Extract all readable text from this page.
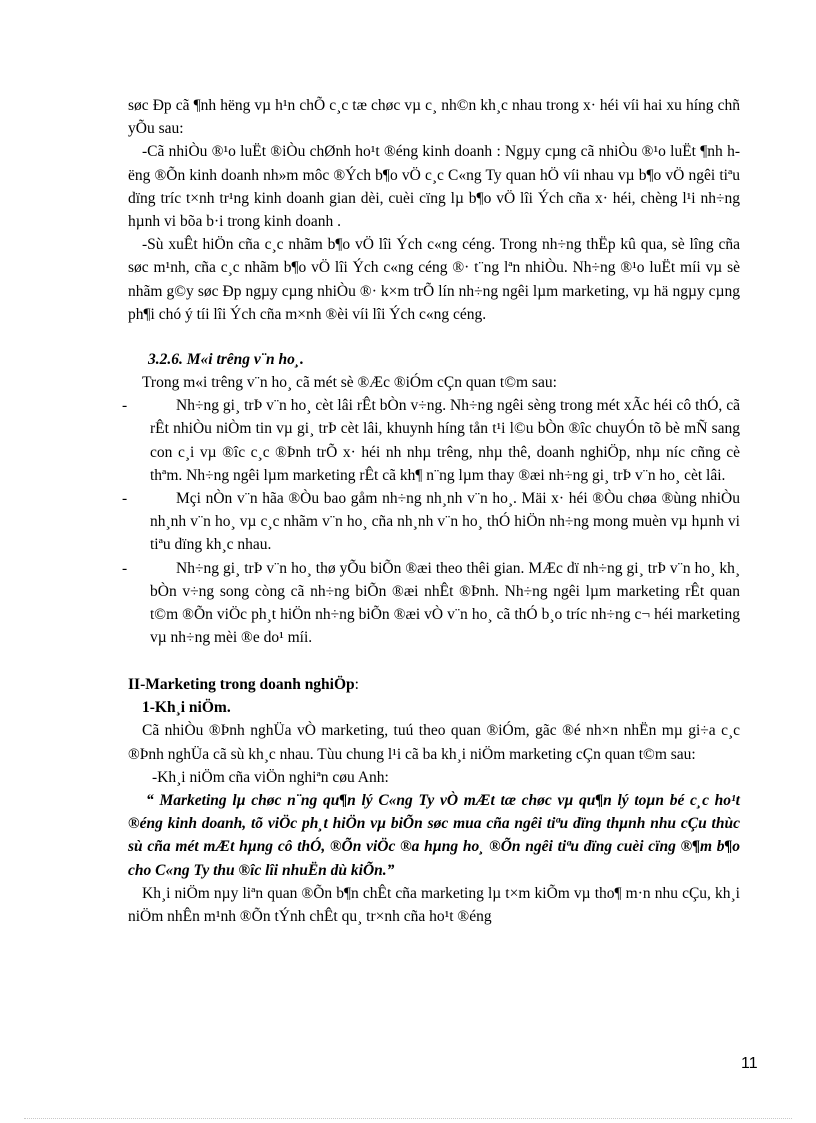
søc Ðp cã ¶nh hëng vµ h¹n chÕ c¸c tæ chøc vµ c¸ nh©n kh¸c nhau trong x· héi víi hai xu híng chñ yÕu sau:

-Cã nhiÒu ®¹o luËt ®iÒu chØnh ho¹t ®éng kinh doanh : Ngµy cµng cã nhiÒu ®¹o luËt ¶nh hëng ®Õn kinh doanh nh»m môc ®Ých b¶o vÖ c¸c C«ng Ty quan hÖ víi nhau vµ b¶o vÖ ngêi tiªu dïng tríc t×nh tr¹ng kinh doanh gian dèi, cuèi cïng lµ b¶o vÖ lîi Ých cña x· héi, chèng l¹i nh÷ng hµnh vi bõa b·i trong kinh doanh .

-Sù xuÊt hiÖn cña c¸c nhãm b¶o vÖ lîi Ých c«ng céng. Trong nh÷ng thËp kû qua, sè lîng cña søc m¹nh, cña c¸c nhãm b¶o vÖ lîi Ých c«ng céng ®· t¨ng lªn nhiÒu. Nh÷ng ®¹o luËt míi vµ sè nhãm g©y søc Ðp ngµy cµng nhiÒu ®· k×m trÕ lín nh÷ng ngêi lµm marketing, vµ hä ngµy cµng ph¶i chó ý tíi lîi Ých cña m×nh ®èi víi lîi Ých c«ng céng.

3.2.6. M«i trêng v¨n ho¸.

Trong m«i trêng v¨n ho¸ cã mét sè ®Æc ®iÓm cÇn quan t©m sau:

-	Nh÷ng gi¸ trÞ v¨n ho¸ cèt lâi rÊt bÒn v÷ng. Nh÷ng ngêi sèng trong mét xÃc héi cô thÓ, cã rÊt nhiÒu niÒm tin vµ gi¸ trÞ cèt lâi, khuynh híng tån t¹i l©u bÒn ®îc chuyÓn tõ bè mÑ sang con c¸i vµ ®îc c¸c ®Þnh trÕ x· héi nh nhµ trêng, nhµ thê, doanh nghiÖp, nhµ níc cñng cè thªm. Nh÷ng ngêi lµm marketing rÊt cã kh¶ n¨ng lµm thay ®æi nh÷ng gi¸ trÞ v¨n ho¸ cèt lâi.

-	Mçi nÒn v¨n hãa ®Òu bao gåm nh÷ng nh¸nh v¨n ho¸. Mäi x· héi ®Òu chøa ®ùng nhiÒu nh¸nh v¨n ho¸ vµ c¸c nhãm v¨n ho¸ cña nh¸nh v¨n ho¸ thÓ hiÖn nh÷ng mong muèn vµ hµnh vi tiªu dïng kh¸c nhau.

-	Nh÷ng gi¸ trÞ v¨n ho¸ thø yÕu biÕn ®æi theo thêi gian. MÆc dï nh÷ng gi¸ trÞ v¨n ho¸ kh¸ bÒn v÷ng song còng cã nh÷ng biÕn ®æi nhÊt ®Þnh. Nh÷ng ngêi lµm marketing rÊt quan t©m ®Õn viÖc ph¸t hiÖn nh÷ng biÕn ®æi vÒ v¨n ho¸ cã thÓ b¸o tríc nh÷ng c¬ héi marketing vµ nh÷ng mèi ®e do¹ míi.

II-Marketing trong doanh nghiÖp:

1-Kh¸i niÖm.

Cã nhiÒu ®Þnh nghÜa vÒ marketing, tuú theo quan ®iÓm, gãc ®é nh×n nhËn mµ gi÷a c¸c ®Þnh nghÜa cã sù kh¸c nhau. Tùu chung l¹i cã ba kh¸i niÖm marketing cÇn quan t©m sau:

-Kh¸i niÖm cña viÖn nghiªn cøu Anh:

“ Marketing lµ chøc n¨ng qu¶n lý C«ng Ty vÒ mÆt tæ chøc vµ qu¶n lý toµn bé c¸c ho¹t ®éng kinh doanh, tõ viÖc ph¸t hiÖn vµ biÕn søc mua cña ngêi tiªu dïng thµnh nhu cÇu thùc sù cña mét mÆt hµng cô thÓ, ®Õn viÖc ®a hµng ho¸ ®Õn ngêi tiªu dïng cuèi cïng ®¶m b¶o cho C«ng Ty thu ®îc lîi nhuËn dù kiÕn.”

Kh¸i niÖm nµy liªn quan ®Õn b¶n chÊt cña marketing lµ t×m kiÕm vµ tho¶ m·n nhu cÇu, kh¸i niÖm nhÊn m¹nh ®Õn tÝnh chÊt qu¸ tr×nh cña ho¹t ®éng

11
